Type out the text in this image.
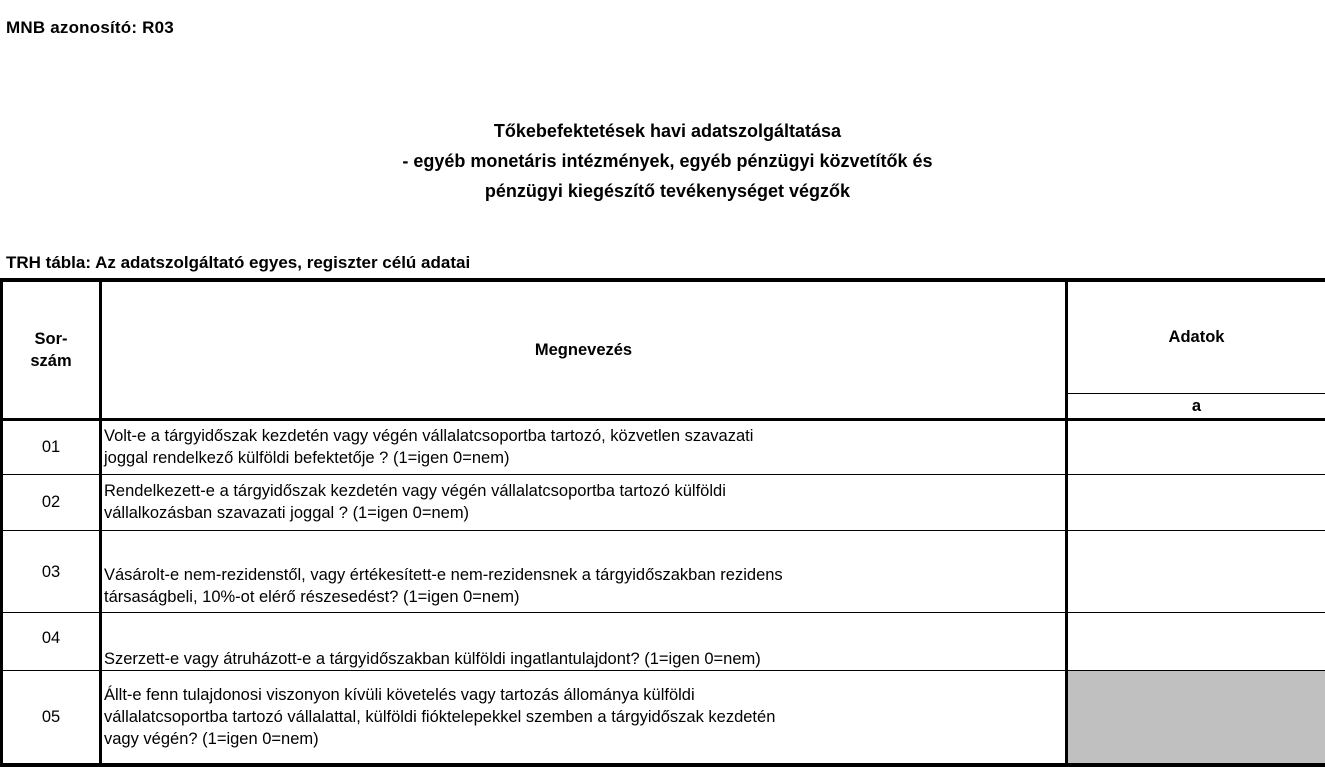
MNB azonosító: R03
Tőkebefektetések havi adatszolgáltatása
- egyéb monetáris intézmények, egyéb pénzügyi közvetítők és
pénzügyi kiegészítő tevékenységet végzők
TRH tábla: Az adatszolgáltató egyes, regiszter célú adatai
Sor-
szám	Megnevezés	Adatok
		a
01	Volt-e a tárgyidőszak kezdetén vagy végén vállalatcsoportba tartozó, közvetlen szavazati
joggal rendelkező külföldi befektetője ? (1=igen 0=nem)	

02	Rendelkezett-e a tárgyidőszak kezdetén vagy végén vállalatcsoportba tartozó külföldi
vállalkozásban szavazati joggal ? (1=igen 0=nem)	

03	Vásárolt-e nem-rezidenstől, vagy értékesített-e nem-rezidensnek a tárgyidőszakban rezidens
társaságbeli, 10%-ot elérő részesedést? (1=igen 0=nem)	

04	Szerzett-e vagy átruházott-e a tárgyidőszakban külföldi ingatlantulajdont? (1=igen 0=nem)	

05	Állt-e fenn tulajdonosi viszonyon kívüli követelés vagy tartozás állománya külföldi
vállalatcsoportba tartozó vállalattal, külföldi fióktelepekkel szemben a tárgyidőszak kezdetén
vagy végén? (1=igen 0=nem)	
